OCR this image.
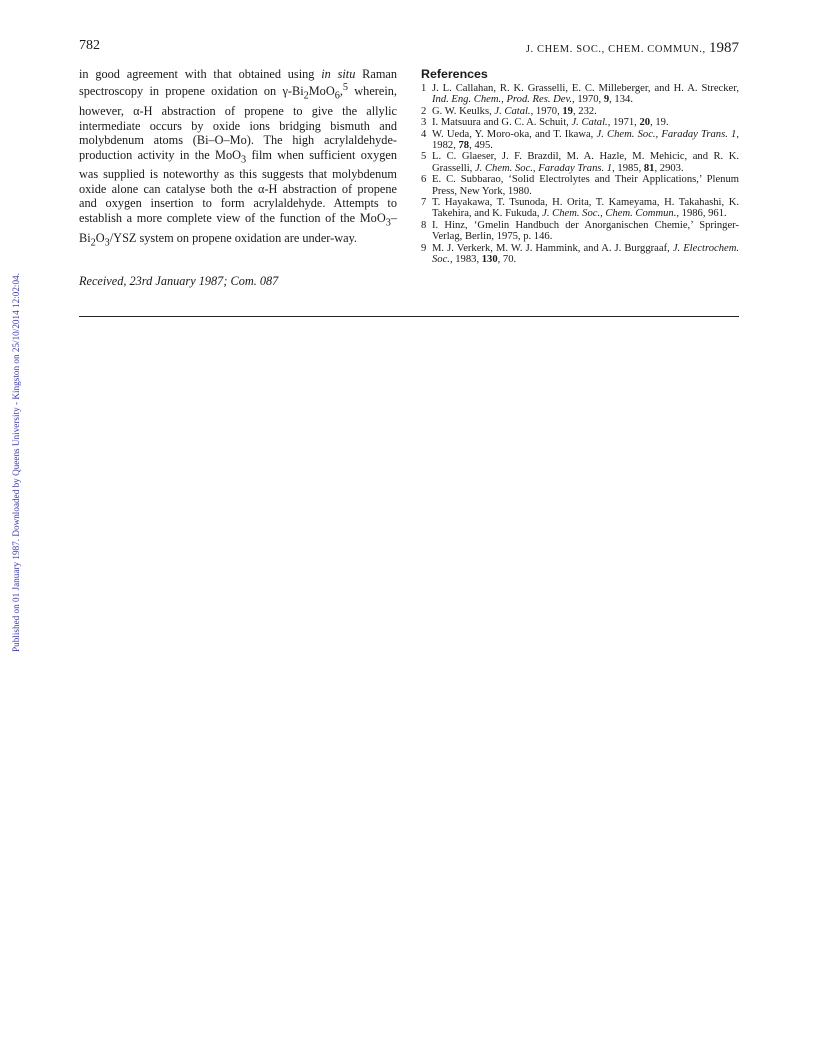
Published on 01 January 1987. Downloaded by Queens University - Kingston on 25/10/2014 12:02:04.
782	J. CHEM. SOC., CHEM. COMMUN., 1987

in good agreement with that obtained using in situ Raman spectroscopy in propene oxidation on $\gamma-Bi_2MoO_6,^5$ wherein, however, α-H abstraction of propene to give the allylic intermediate occurs by oxide ions bridging bismuth and molybdenum atoms (Bi–O–Mo). The high acrylaldehyde-production activity in the MoO$_3$ film when sufficient oxygen was supplied is noteworthy as this suggests that molybdenum oxide alone can catalyse both the α-H abstraction of propene and oxygen insertion to form acrylaldehyde. Attempts to establish a more complete view of the function of the $MoO_3-Bi_2O_3$/YSZ system on propene oxidation are under-way.

Received, 23rd January 1987; Com. 087
References
1 J. L. Callahan, R. K. Grasselli, E. C. Milleberger, and H. A. Strecker, Ind. Eng. Chem., Prod. Res. Dev., 1970, 9, 134.
2 G. W. Keulks, J. Catal., 1970, 19, 232.
3 I. Matsuura and G. C. A. Schuit, J. Catal., 1971, 20, 19.
4 W. Ueda, Y. Moro-oka, and T. Ikawa, J. Chem. Soc., Faraday Trans. 1, 1982, 78, 495.
5 L. C. Glaeser, J. F. Brazdil, M. A. Hazle, M. Mehicic, and R. K. Grasselli, J. Chem. Soc., Faraday Trans. 1, 1985, 81, 2903.
6 E. C. Subbarao, ‘Solid Electrolytes and Their Applications,’ Plenum Press, New York, 1980.
7 T. Hayakawa, T. Tsunoda, H. Orita, T. Kameyama, H. Takahashi, K. Takehira, and K. Fukuda, J. Chem. Soc., Chem. Commun., 1986, 961.
8 I. Hinz, ‘Gmelin Handbuch der Anorganischen Chemie,’ Springer-Verlag, Berlin, 1975, p. 146.
9 M. J. Verkerk, M. W. J. Hammink, and A. J. Burggraaf, J. Electrochem. Soc., 1983, 130, 70.
